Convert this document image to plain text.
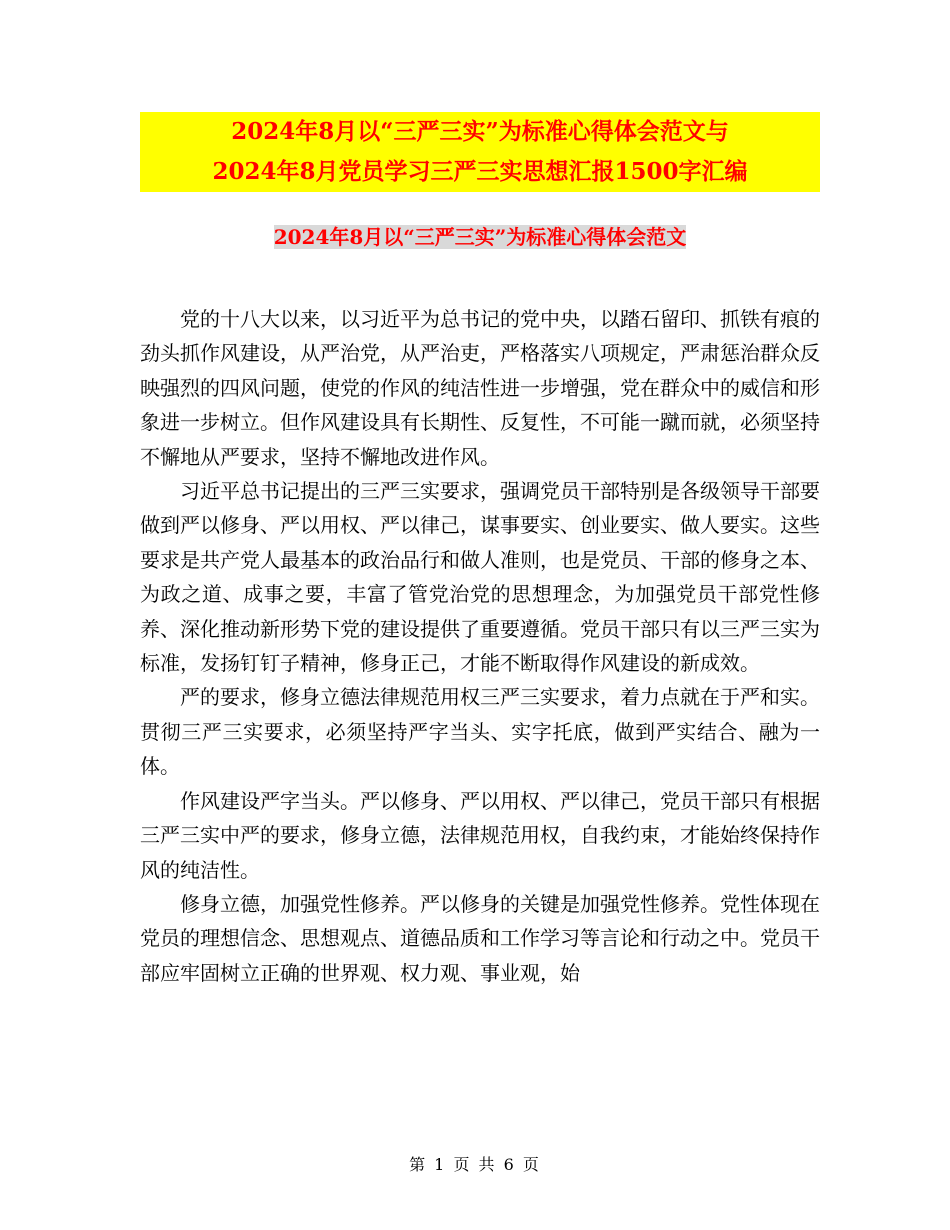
2024年8月以“三严三实”为标准心得体会范文与
2024年8月党员学习三严三实思想汇报1500字汇编
2024年8月以“三严三实”为标准心得体会范文

党的十八大以来，以习近平为总书记的党中央，以踏石留印、抓铁有痕的劲头抓作风建设，从严治党，从严治吏，严格落实八项规定，严肃惩治群众反映强烈的四风问题，使党的作风的纯洁性进一步增强，党在群众中的威信和形象进一步树立。但作风建设具有长期性、反复性，不可能一蹴而就，必须坚持不懈地从严要求，坚持不懈地改进作风。

习近平总书记提出的三严三实要求，强调党员干部特别是各级领导干部要做到严以修身、严以用权、严以律己，谋事要实、创业要实、做人要实。这些要求是共产党人最基本的政治品行和做人准则，也是党员、干部的修身之本、为政之道、成事之要，丰富了管党治党的思想理念，为加强党员干部党性修养、深化推动新形势下党的建设提供了重要遵循。党员干部只有以三严三实为标准，发扬钉钉子精神，修身正己，才能不断取得作风建设的新成效。

严的要求，修身立德法律规范用权三严三实要求，着力点就在于严和实。贯彻三严三实要求，必须坚持严字当头、实字托底，做到严实结合、融为一体。

作风建设严字当头。严以修身、严以用权、严以律己，党员干部只有根据三严三实中严的要求，修身立德，法律规范用权，自我约束，才能始终保持作风的纯洁性。

修身立德，加强党性修养。严以修身的关键是加强党性修养。党性体现在党员的理想信念、思想观点、道德品质和工作学习等言论和行动之中。党员干部应牢固树立正确的世界观、权力观、事业观，始

第 1 页 共 6 页
